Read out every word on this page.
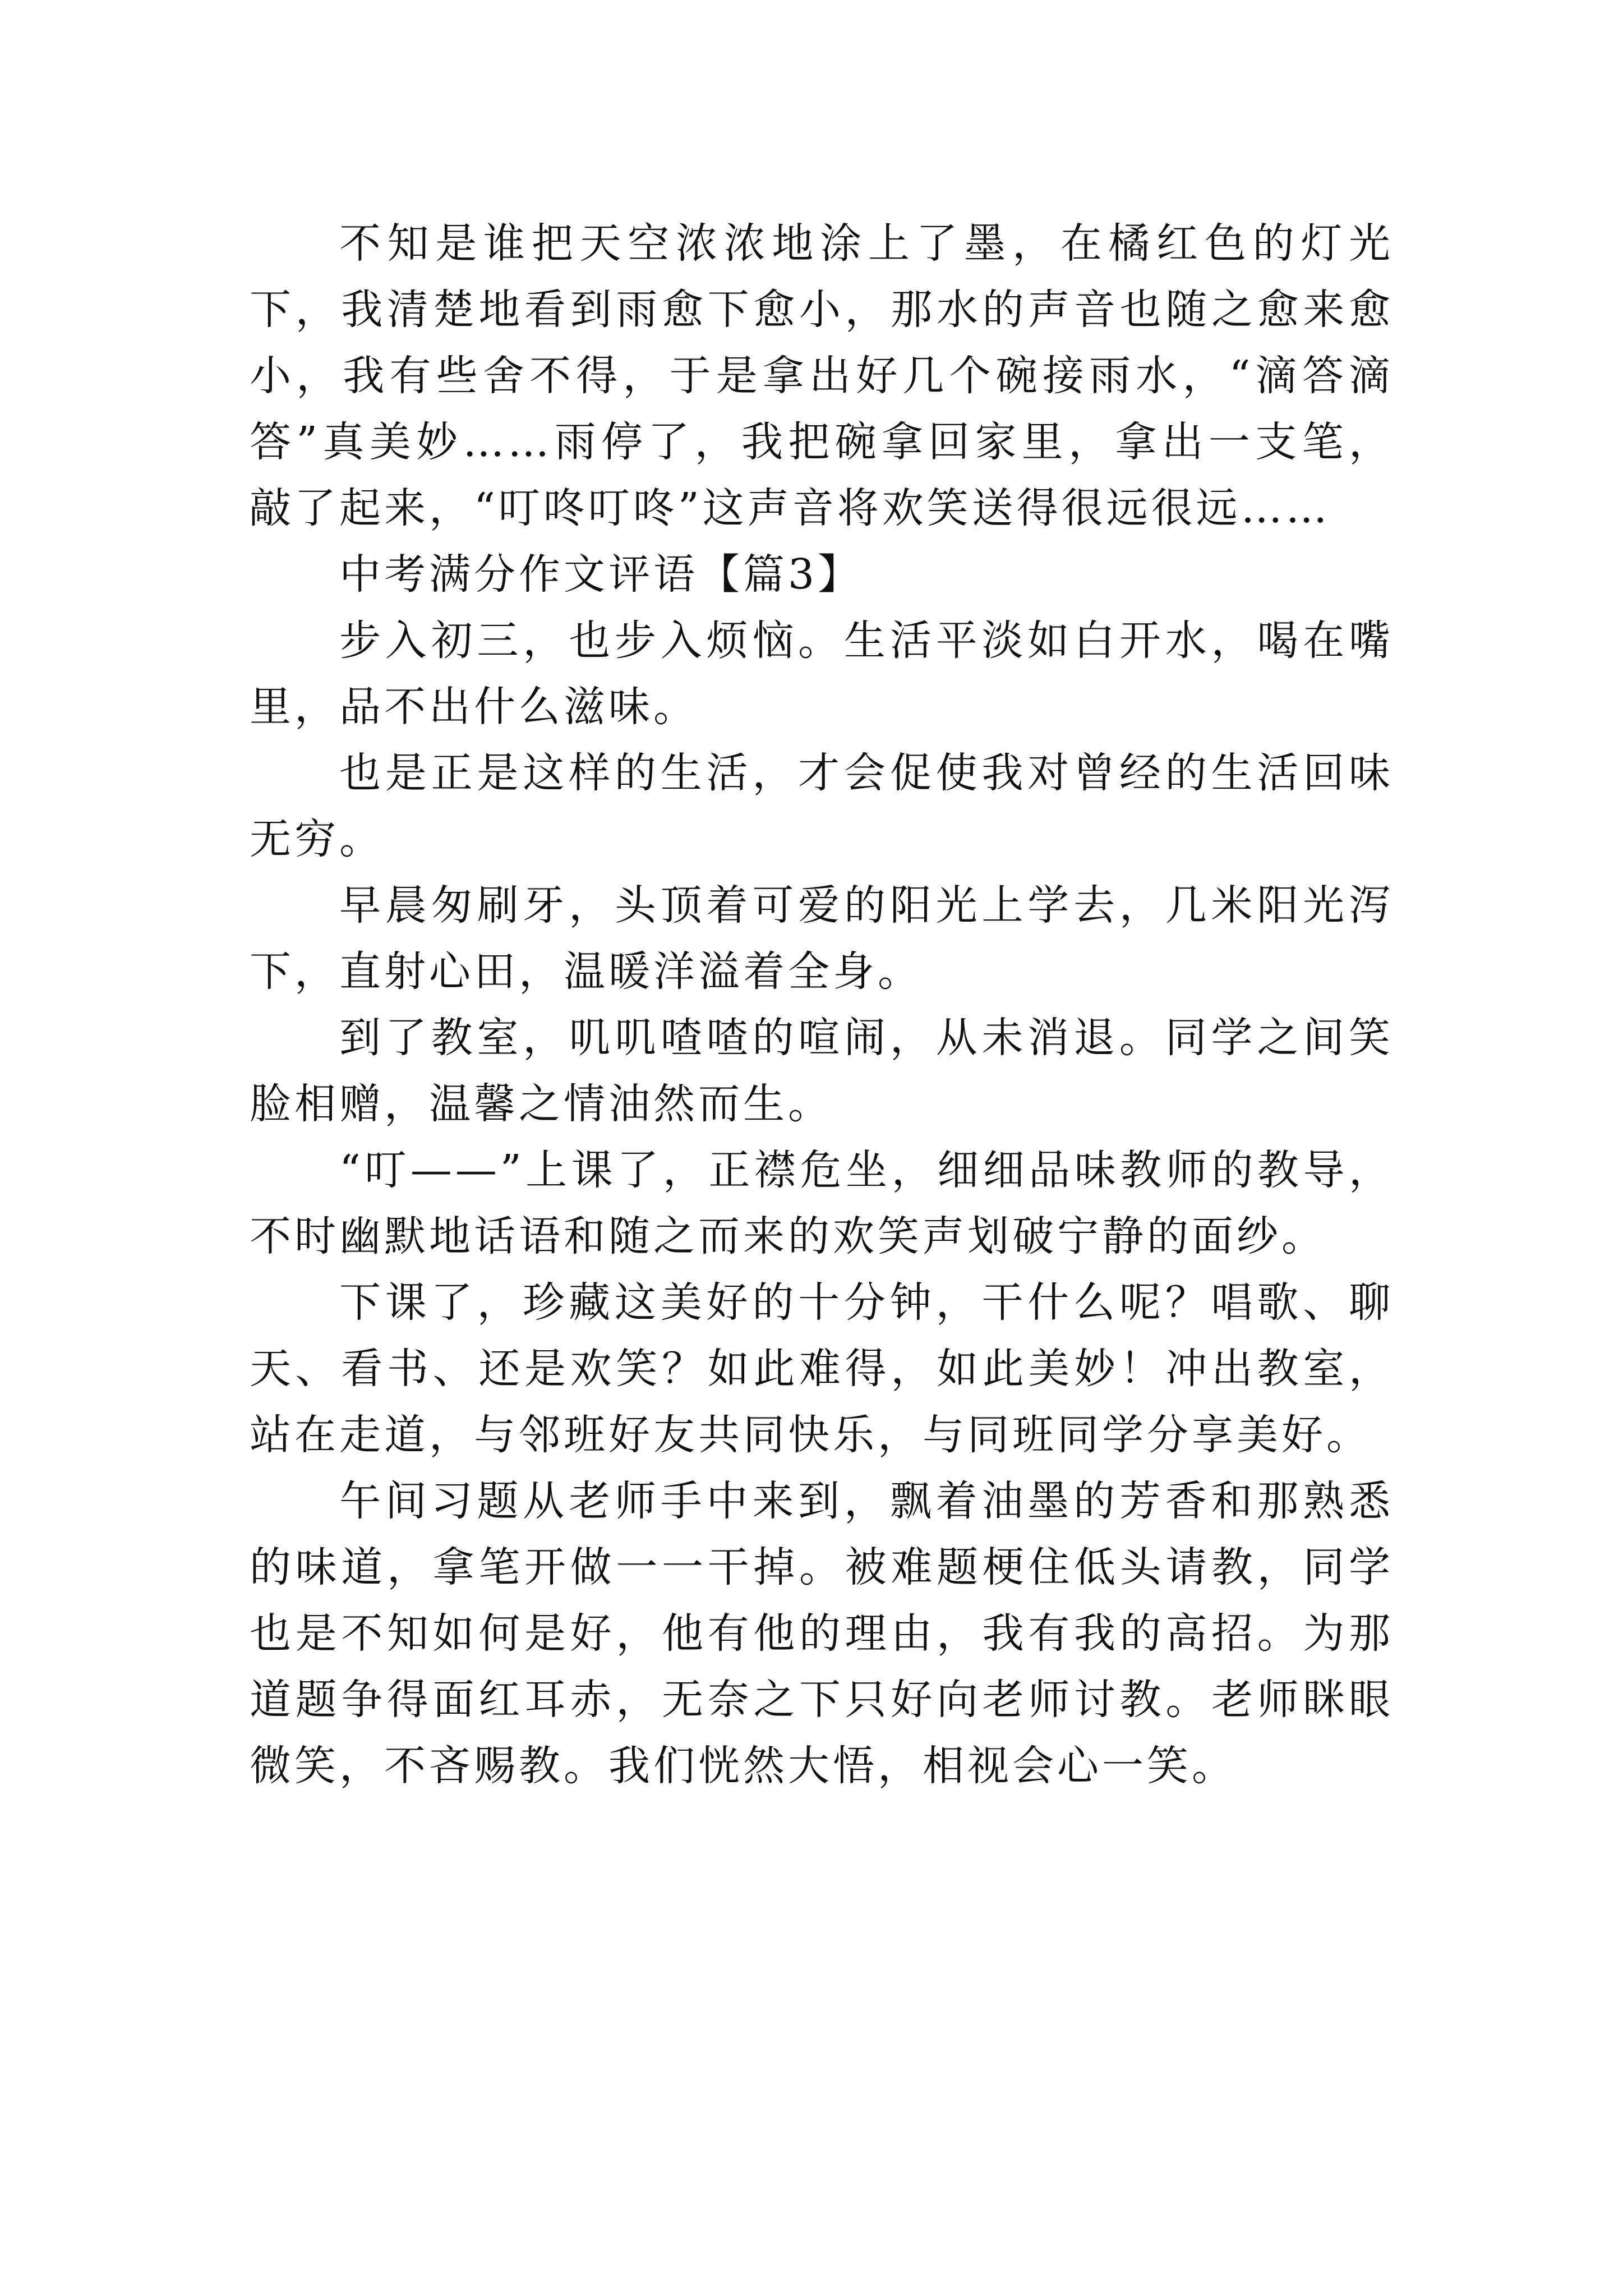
不知是谁把天空浓浓地涂上了墨，在橘红色的灯光下，我清楚地看到雨愈下愈小，那水的声音也随之愈来愈小，我有些舍不得，于是拿出好几个碗接雨水，“滴答滴答”真美妙……雨停了，我把碗拿回家里，拿出一支笔，敲了起来，“叮咚叮咚”这声音将欢笑送得很远很远……

中考满分作文评语【篇3】

步入初三，也步入烦恼。生活平淡如白开水，喝在嘴里，品不出什么滋味。

也是正是这样的生活，才会促使我对曾经的生活回味无穷。

早晨匆刷牙，头顶着可爱的阳光上学去，几米阳光泻下，直射心田，温暖洋溢着全身。

到了教室，叽叽喳喳的喧闹，从未消退。同学之间笑脸相赠，温馨之情油然而生。

“叮——”上课了，正襟危坐，细细品味教师的教导，不时幽默地话语和随之而来的欢笑声划破宁静的面纱。

下课了，珍藏这美好的十分钟，干什么呢？唱歌、聊天、看书、还是欢笑？如此难得，如此美妙！冲出教室，站在走道，与邻班好友共同快乐，与同班同学分享美好。

午间习题从老师手中来到，飘着油墨的芳香和那熟悉的味道，拿笔开做一一干掉。被难题梗住低头请教，同学也是不知如何是好，他有他的理由，我有我的高招。为那道题争得面红耳赤，无奈之下只好向老师讨教。老师眯眼微笑，不吝赐教。我们恍然大悟，相视会心一笑。
